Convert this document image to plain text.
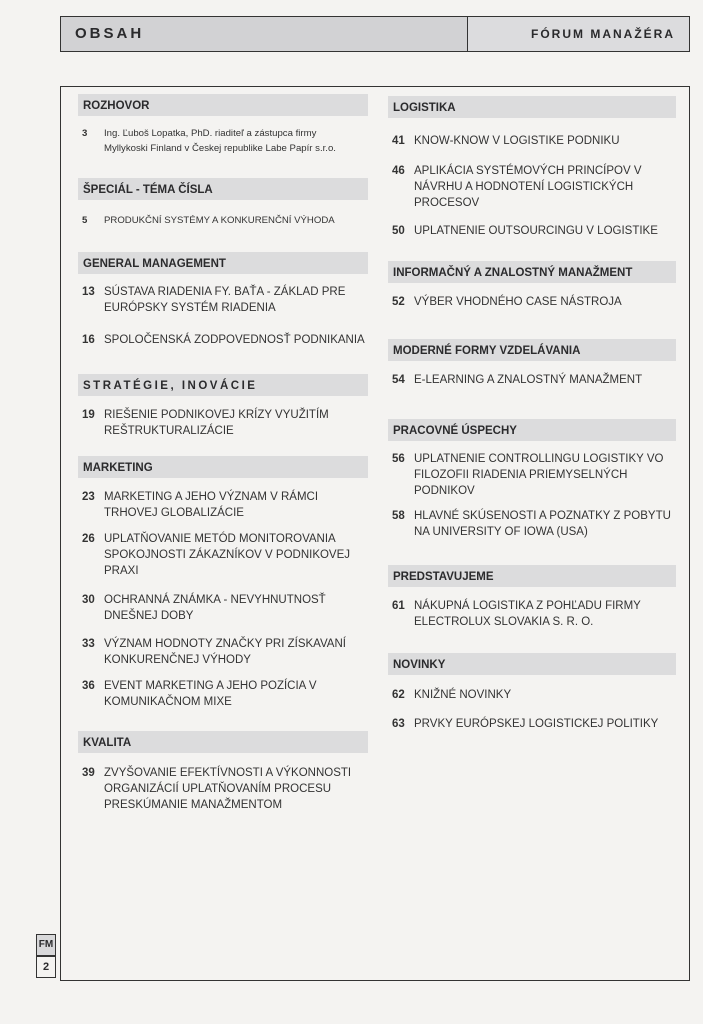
OBSAH	FÓRUM MANAŽÉRA
ROZHOVOR
3	Ing. Ľuboš Lopatka, PhD. riaditeľ a zástupca firmy
Myllykoski Finland v Českej republike Labe Papír s.r.o.
ŠPECIÁL - TÉMA ČÍSLA
5	PRODUKČNÍ SYSTÉMY A KONKURENČNÍ VÝHODA
GENERAL MANAGEMENT
13 SÚSTAVA RIADENIA FY. BAŤA - ZÁKLAD PRE
EURÓPSKY SYSTÉM RIADENIA
16 SPOLOČENSKÁ ZODPOVEDNOSŤ PODNIKANIA
STRATÉGIE, INOVÁCIE
19 RIEŠENIE PODNIKOVEJ KRÍZY VYUŽITÍM
REŠTRUKTURALIZÁCIE
MARKETING
23 MARKETING A JEHO VÝZNAM V RÁMCI
TRHOVEJ GLOBALIZÁCIE
26 UPLATŇOVANIE METÓD MONITOROVANIA
SPOKOJNOSTI ZÁKAZNÍKOV V PODNIKOVEJ
PRAXI
30 OCHRANNÁ ZNÁMKA - NEVYHNUTNOSŤ
DNEŠNEJ DOBY
33 VÝZNAM HODNOTY ZNAČKY PRI ZÍSKAVANÍ
KONKURENČNEJ VÝHODY
36 EVENT MARKETING A JEHO POZÍCIA V
KOMUNIKAČNOM MIXE
KVALITA
39 ZVYŠOVANIE EFEKTÍVNOSTI A VÝKONNOSTI
ORGANIZÁCIÍ UPLATŇOVANÍM PROCESU
PRESKÚMANIE MANAŽMENTOM
LOGISTIKA
41 KNOW-KNOW V LOGISTIKE PODNIKU
46 APLIKÁCIA SYSTÉMOVÝCH PRINCÍPOV V
NÁVRHU A HODNOTENÍ LOGISTICKÝCH
PROCESOV
50 UPLATNENIE OUTSOURCINGU V LOGISTIKE
INFORMAČNÝ A ZNALOSTNÝ MANAŽMENT
52 VÝBER VHODNÉHO CASE NÁSTROJA
MODERNÉ FORMY VZDELÁVANIA
54 E-LEARNING A ZNALOSTNÝ MANAŽMENT
PRACOVNÉ ÚSPECHY
56 UPLATNENIE CONTROLLINGU LOGISTIKY VO
FILOZOFII RIADENIA PRIEMYSELNÝCH
PODNIKOV
58 HLAVNÉ SKÚSENOSTI A POZNATKY Z POBYTU
NA UNIVERSITY OF IOWA (USA)
PREDSTAVUJEME
61 NÁKUPNÁ LOGISTIKA Z POHĽADU FIRMY
ELECTROLUX SLOVAKIA S. R. O.
NOVINKY
62 KNIŽNÉ NOVINKY
63 PRVKY EURÓPSKEJ LOGISTICKEJ POLITIKY
FM
2
